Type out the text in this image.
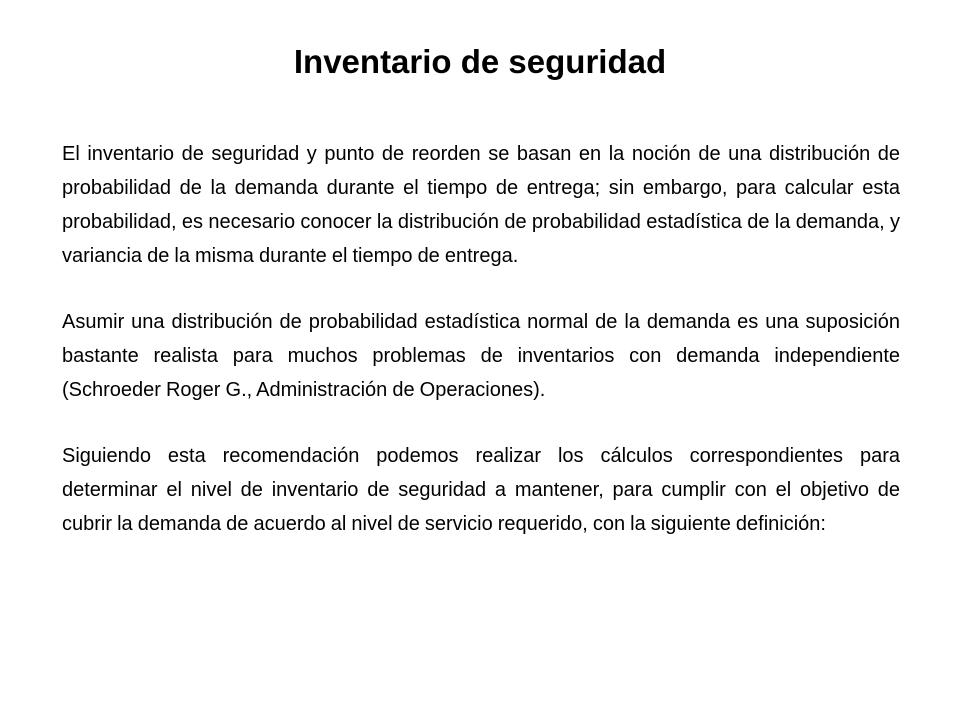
Inventario de seguridad

El inventario de seguridad y punto de reorden se basan en la noción de una distribución de probabilidad de la demanda durante el tiempo de entrega; sin embargo, para calcular esta probabilidad, es necesario conocer la distribución de probabilidad estadística de la demanda, y variancia de la misma durante el tiempo de entrega.

Asumir una distribución de probabilidad estadística normal de la demanda es una suposición bastante realista para muchos problemas de inventarios con demanda independiente (Schroeder Roger G., Administración de Operaciones).

Siguiendo esta recomendación podemos realizar los cálculos correspondientes para determinar el nivel de inventario de seguridad a mantener, para cumplir con el objetivo de cubrir la demanda de acuerdo al nivel de servicio requerido, con la siguiente definición:
